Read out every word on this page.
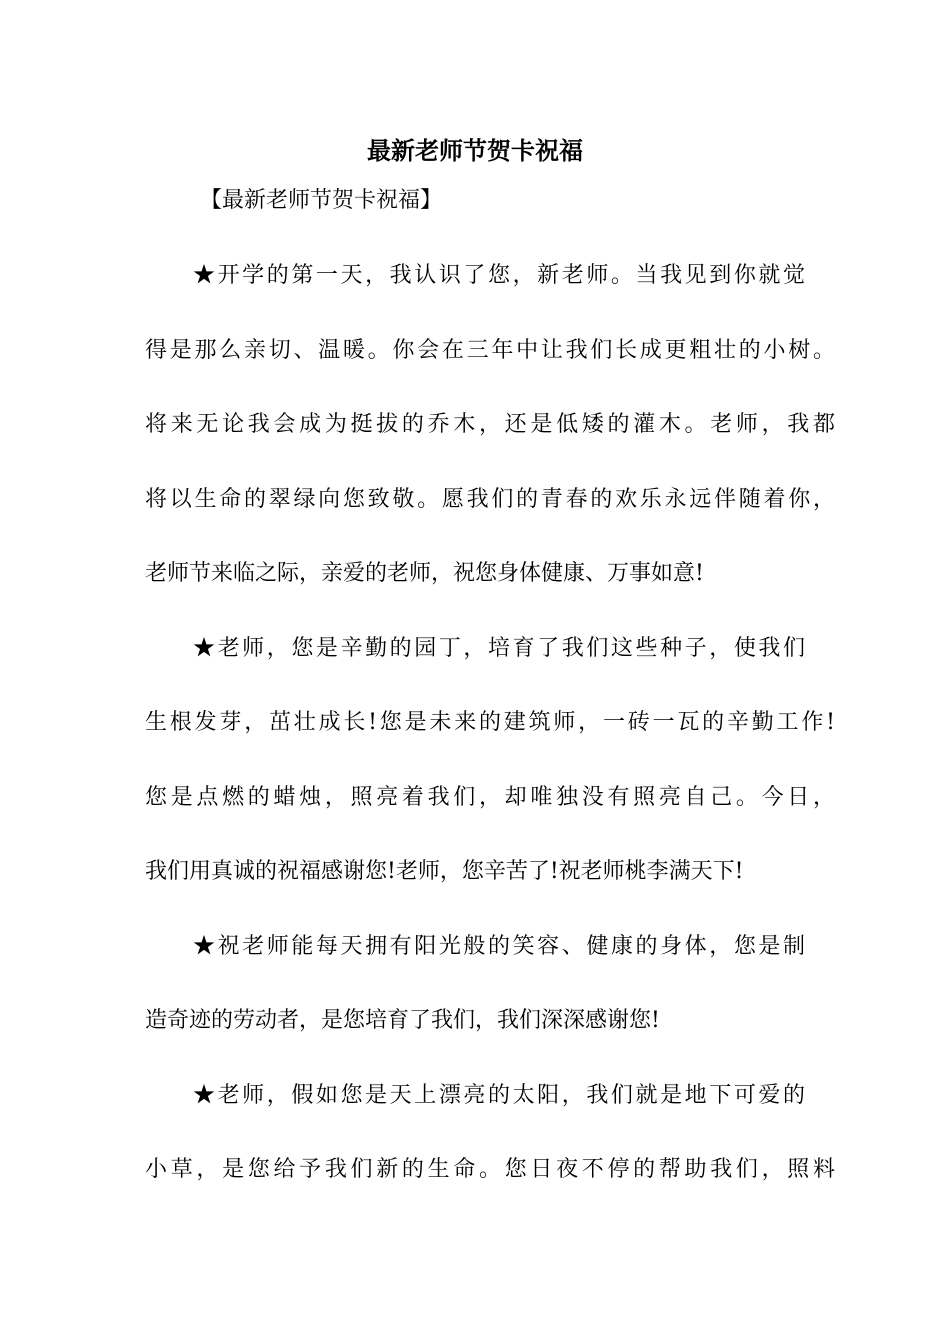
最新老师节贺卡祝福
【最新老师节贺卡祝福】
★开学的第一天，我认识了您，新老师。当我见到你就觉
得是那么亲切、温暖。你会在三年中让我们长成更粗壮的小树。
将来无论我会成为挺拔的乔木，还是低矮的灌木。老师，我都
将以生命的翠绿向您致敬。愿我们的青春的欢乐永远伴随着你，
老师节来临之际，亲爱的老师，祝您身体健康、万事如意!
★老师，您是辛勤的园丁，培育了我们这些种子，使我们
生根发芽，茁壮成长!您是未来的建筑师，一砖一瓦的辛勤工作!
您是点燃的蜡烛，照亮着我们，却唯独没有照亮自己。今日，
我们用真诚的祝福感谢您!老师，您辛苦了!祝老师桃李满天下!
★祝老师能每天拥有阳光般的笑容、健康的身体，您是制
造奇迹的劳动者，是您培育了我们，我们深深感谢您!
★老师，假如您是天上漂亮的太阳，我们就是地下可爱的
小草，是您给予我们新的生命。您日夜不停的帮助我们，照料
